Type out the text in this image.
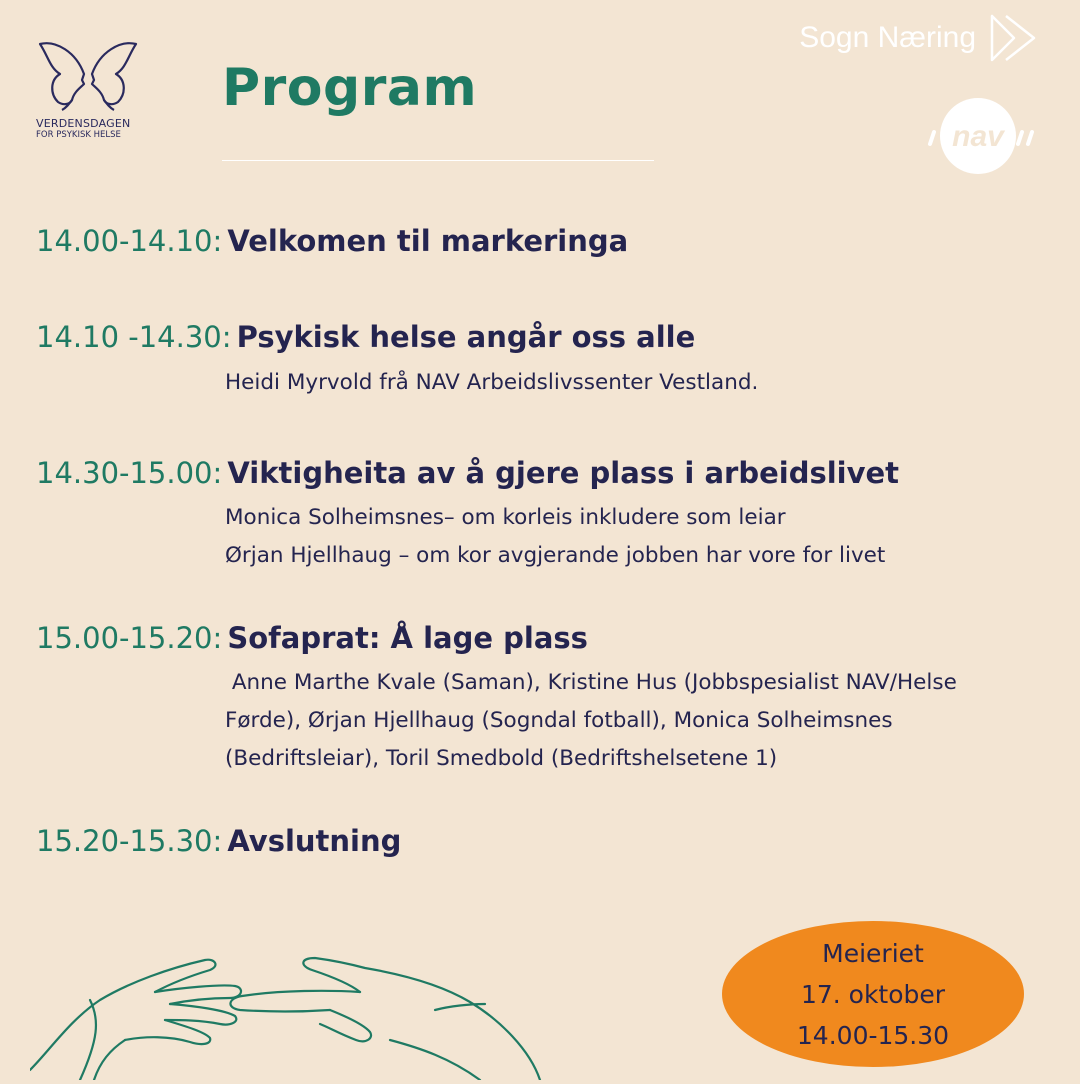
VERDENSDAGEN
FOR PSYKISK HELSE
Program
Sogn Næring
nav
14.00-14.10: Velkomen til markeringa
14.10 -14.30: Psykisk helse angår oss alle
Heidi Myrvold frå NAV Arbeidslivssenter Vestland.
14.30-15.00: Viktigheita av å gjere plass i arbeidslivet
Monica Solheimsnes– om korleis inkludere som leiar
Ørjan Hjellhaug – om kor avgjerande jobben har vore for livet
15.00-15.20: Sofaprat: Å lage plass
Anne Marthe Kvale (Saman), Kristine Hus (Jobbspesialist NAV/Helse
Førde), Ørjan Hjellhaug (Sogndal fotball), Monica Solheimsnes
(Bedriftsleiar), Toril Smedbold (Bedriftshelsetene 1)
15.20-15.30: Avslutning
Meieriet
17. oktober
14.00-15.30
